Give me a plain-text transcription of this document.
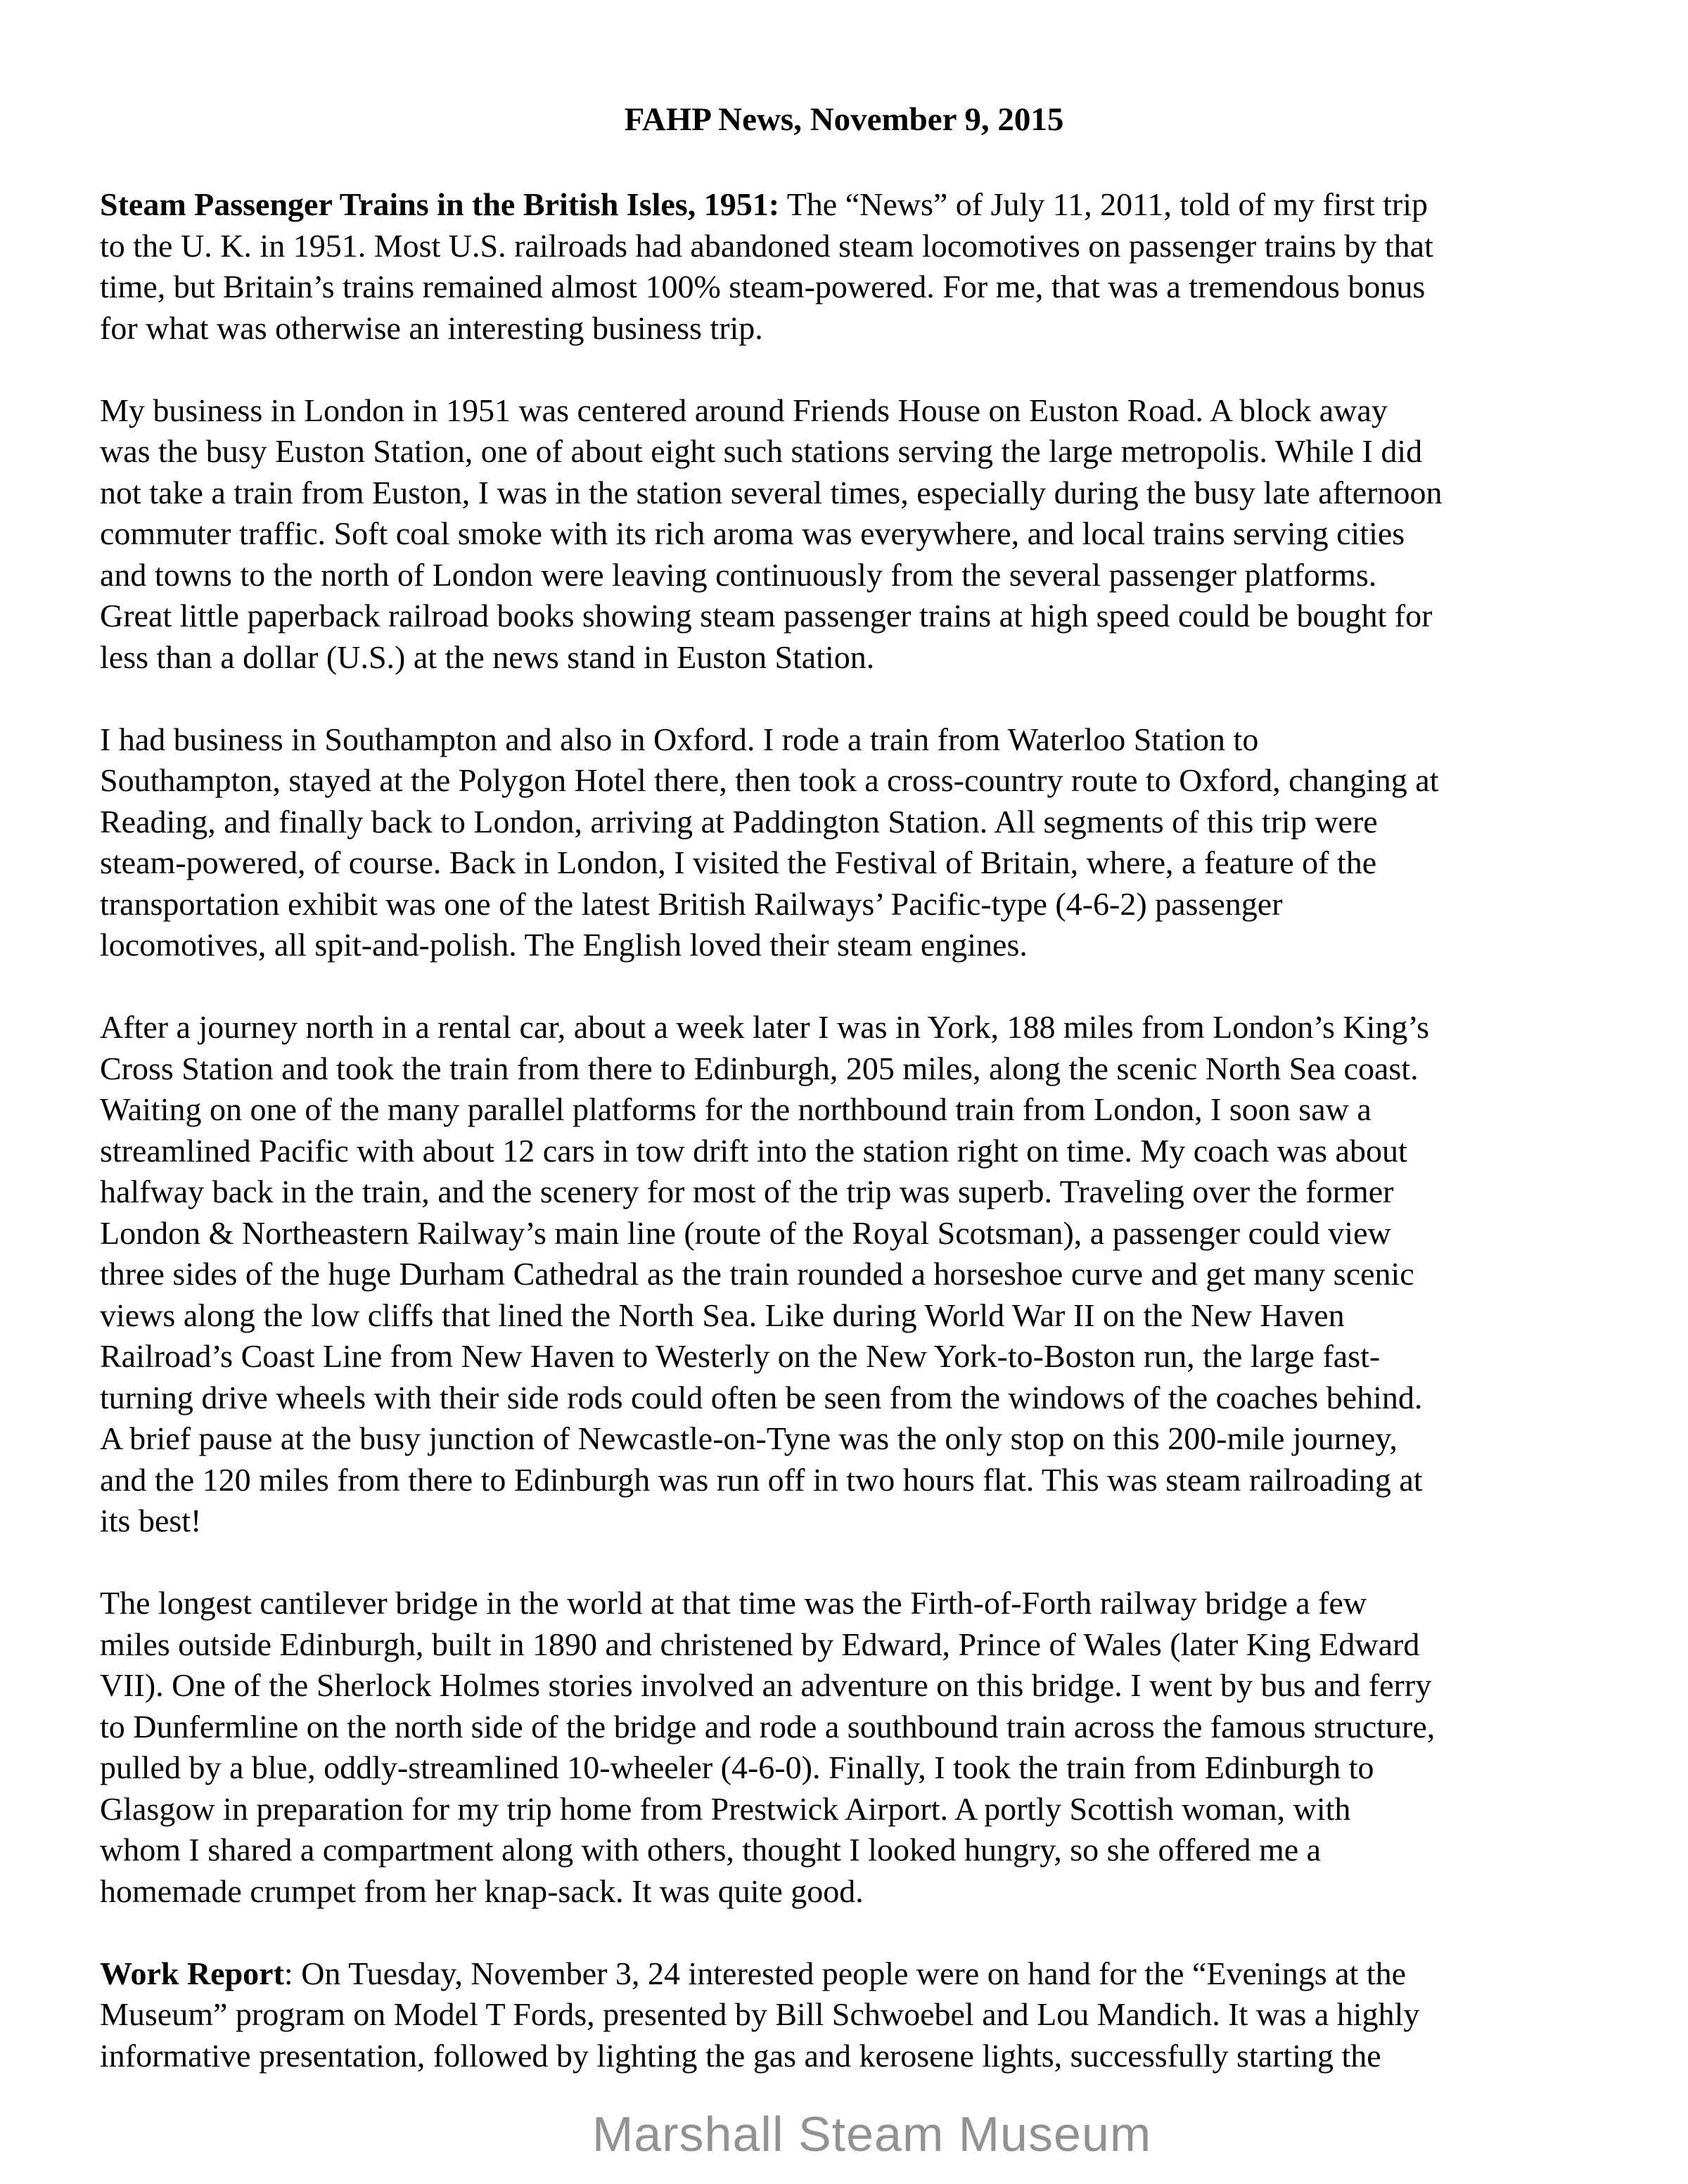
FAHP News, November 9, 2015
Steam Passenger Trains in the British Isles, 1951: The “News” of July 11, 2011, told of my first trip
to the U. K. in 1951. Most U.S. railroads had abandoned steam locomotives on passenger trains by that
time, but Britain’s trains remained almost 100% steam-powered. For me, that was a tremendous bonus
for what was otherwise an interesting business trip.
My business in London in 1951 was centered around Friends House on Euston Road. A block away
was the busy Euston Station, one of about eight such stations serving the large metropolis. While I did
not take a train from Euston, I was in the station several times, especially during the busy late afternoon
commuter traffic. Soft coal smoke with its rich aroma was everywhere, and local trains serving cities
and towns to the north of London were leaving continuously from the several passenger platforms.
Great little paperback railroad books showing steam passenger trains at high speed could be bought for
less than a dollar (U.S.) at the news stand in Euston Station.
I had business in Southampton and also in Oxford. I rode a train from Waterloo Station to
Southampton, stayed at the Polygon Hotel there, then took a cross-country route to Oxford, changing at
Reading, and finally back to London, arriving at Paddington Station. All segments of this trip were
steam-powered, of course. Back in London, I visited the Festival of Britain, where, a feature of the
transportation exhibit was one of the latest British Railways’ Pacific-type (4-6-2) passenger
locomotives, all spit-and-polish. The English loved their steam engines.
After a journey north in a rental car, about a week later I was in York, 188 miles from London’s King’s
Cross Station and took the train from there to Edinburgh, 205 miles, along the scenic North Sea coast.
Waiting on one of the many parallel platforms for the northbound train from London, I soon saw a
streamlined Pacific with about 12 cars in tow drift into the station right on time. My coach was about
halfway back in the train, and the scenery for most of the trip was superb. Traveling over the former
London & Northeastern Railway’s main line (route of the Royal Scotsman), a passenger could view
three sides of the huge Durham Cathedral as the train rounded a horseshoe curve and get many scenic
views along the low cliffs that lined the North Sea. Like during World War II on the New Haven
Railroad’s Coast Line from New Haven to Westerly on the New York-to-Boston run, the large fast-
turning drive wheels with their side rods could often be seen from the windows of the coaches behind.
A brief pause at the busy junction of Newcastle-on-Tyne was the only stop on this 200-mile journey,
and the 120 miles from there to Edinburgh was run off in two hours flat. This was steam railroading at
its best!
The longest cantilever bridge in the world at that time was the Firth-of-Forth railway bridge a few
miles outside Edinburgh, built in 1890 and christened by Edward, Prince of Wales (later King Edward
VII). One of the Sherlock Holmes stories involved an adventure on this bridge. I went by bus and ferry
to Dunfermline on the north side of the bridge and rode a southbound train across the famous structure,
pulled by a blue, oddly-streamlined 10-wheeler (4-6-0). Finally, I took the train from Edinburgh to
Glasgow in preparation for my trip home from Prestwick Airport. A portly Scottish woman, with
whom I shared a compartment along with others, thought I looked hungry, so she offered me a
homemade crumpet from her knap-sack. It was quite good.
Work Report: On Tuesday, November 3, 24 interested people were on hand for the “Evenings at the
Museum” program on Model T Fords, presented by Bill Schwoebel and Lou Mandich. It was a highly
informative presentation, followed by lighting the gas and kerosene lights, successfully starting the
Marshall Steam Museum
